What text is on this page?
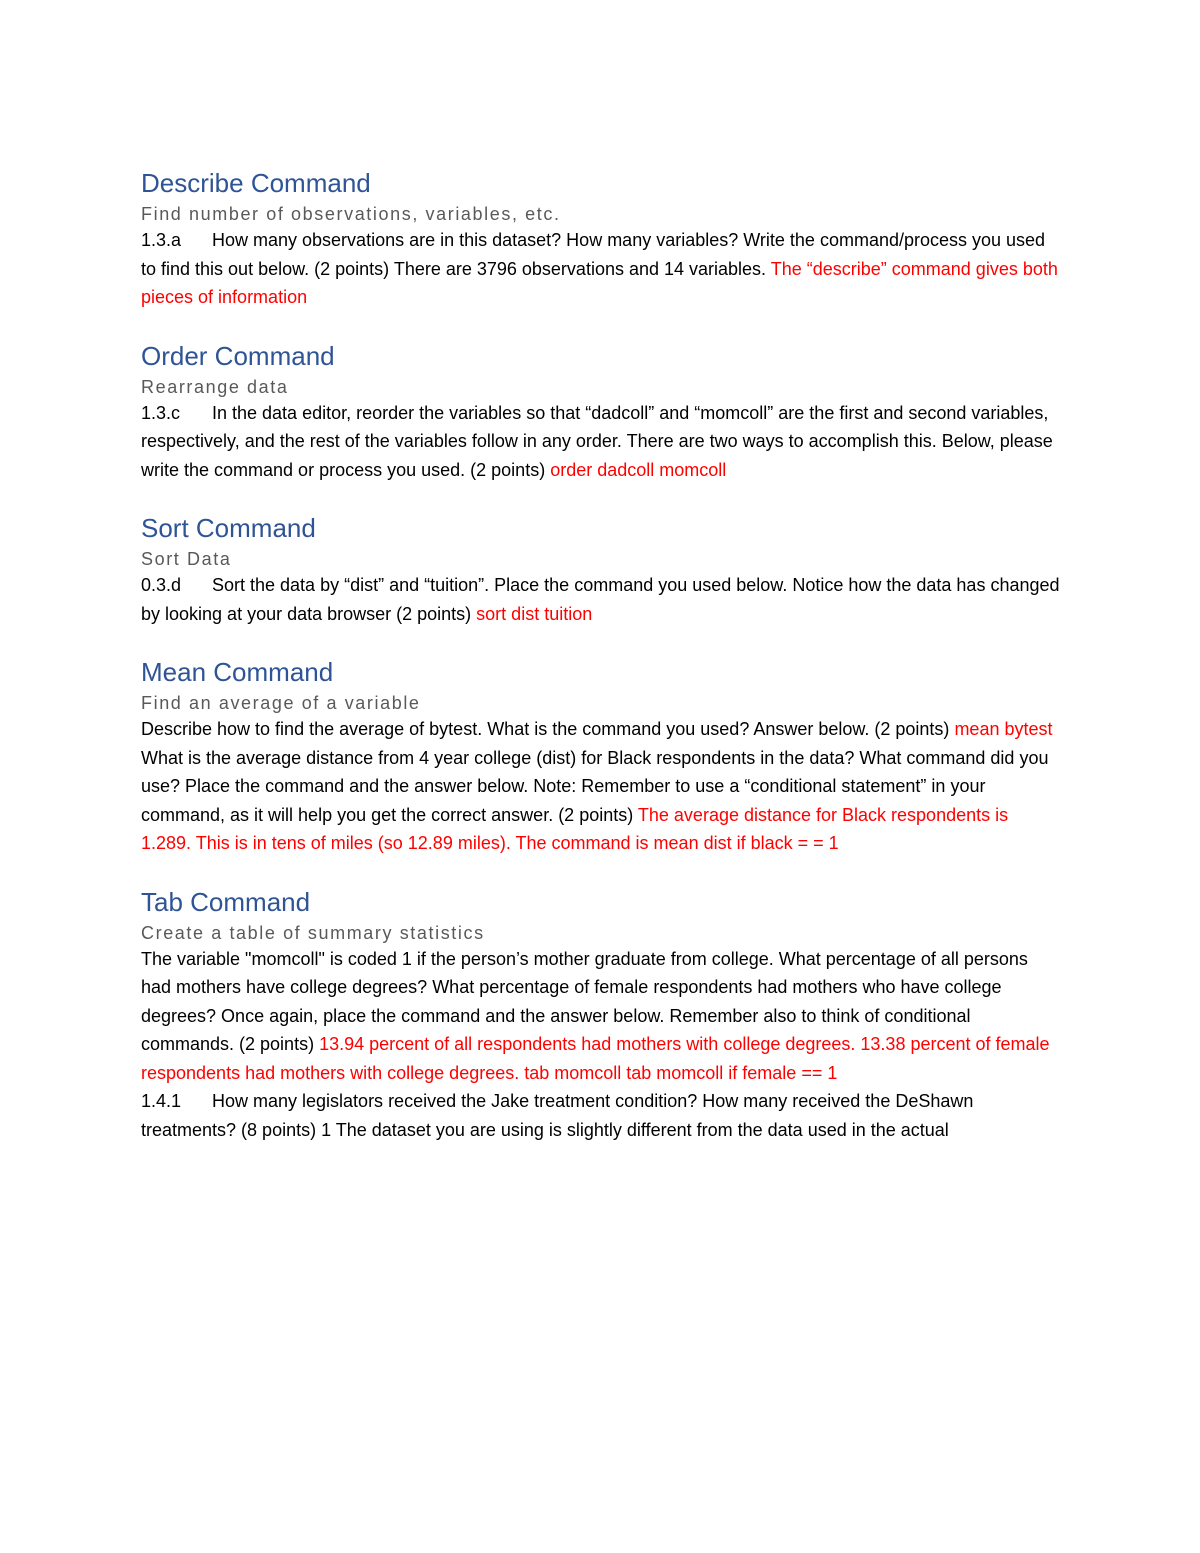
Describe Command
Find number of observations, variables, etc.

1.3.a How many observations are in this dataset? How many variables? Write the command/process you used to find this out below. (2 points) There are 3796 observations and 14 variables. The “describe” command gives both pieces of information

Order Command
Rearrange data

1.3.c In the data editor, reorder the variables so that “dadcoll” and “momcoll” are the first and second variables, respectively, and the rest of the variables follow in any order. There are two ways to accomplish this. Below, please write the command or process you used. (2 points) order dadcoll momcoll

Sort Command
Sort Data

0.3.d Sort the data by “dist” and “tuition”. Place the command you used below. Notice how the data has changed by looking at your data browser (2 points) sort dist tuition

Mean Command
Find an average of a variable

Describe how to find the average of bytest. What is the command you used? Answer below. (2 points) mean bytest

What is the average distance from 4 year college (dist) for Black respondents in the data? What command did you use? Place the command and the answer below. Note: Remember to use a “conditional statement” in your command, as it will help you get the correct answer. (2 points) The average distance for Black respondents is 1.289. This is in tens of miles (so 12.89 miles). The command is mean dist if black = = 1

Tab Command
Create a table of summary statistics

The variable "momcoll" is coded 1 if the person’s mother graduate from college. What percentage of all persons had mothers have college degrees? What percentage of female respondents had mothers who have college degrees? Once again, place the command and the answer below. Remember also to think of conditional commands. (2 points) 13.94 percent of all respondents had mothers with college degrees. 13.38 percent of female respondents had mothers with college degrees. tab momcoll tab momcoll if female == 1

1.4.1 How many legislators received the Jake treatment condition? How many received the DeShawn treatments? (8 points) 1 The dataset you are using is slightly different from the data used in the actual
